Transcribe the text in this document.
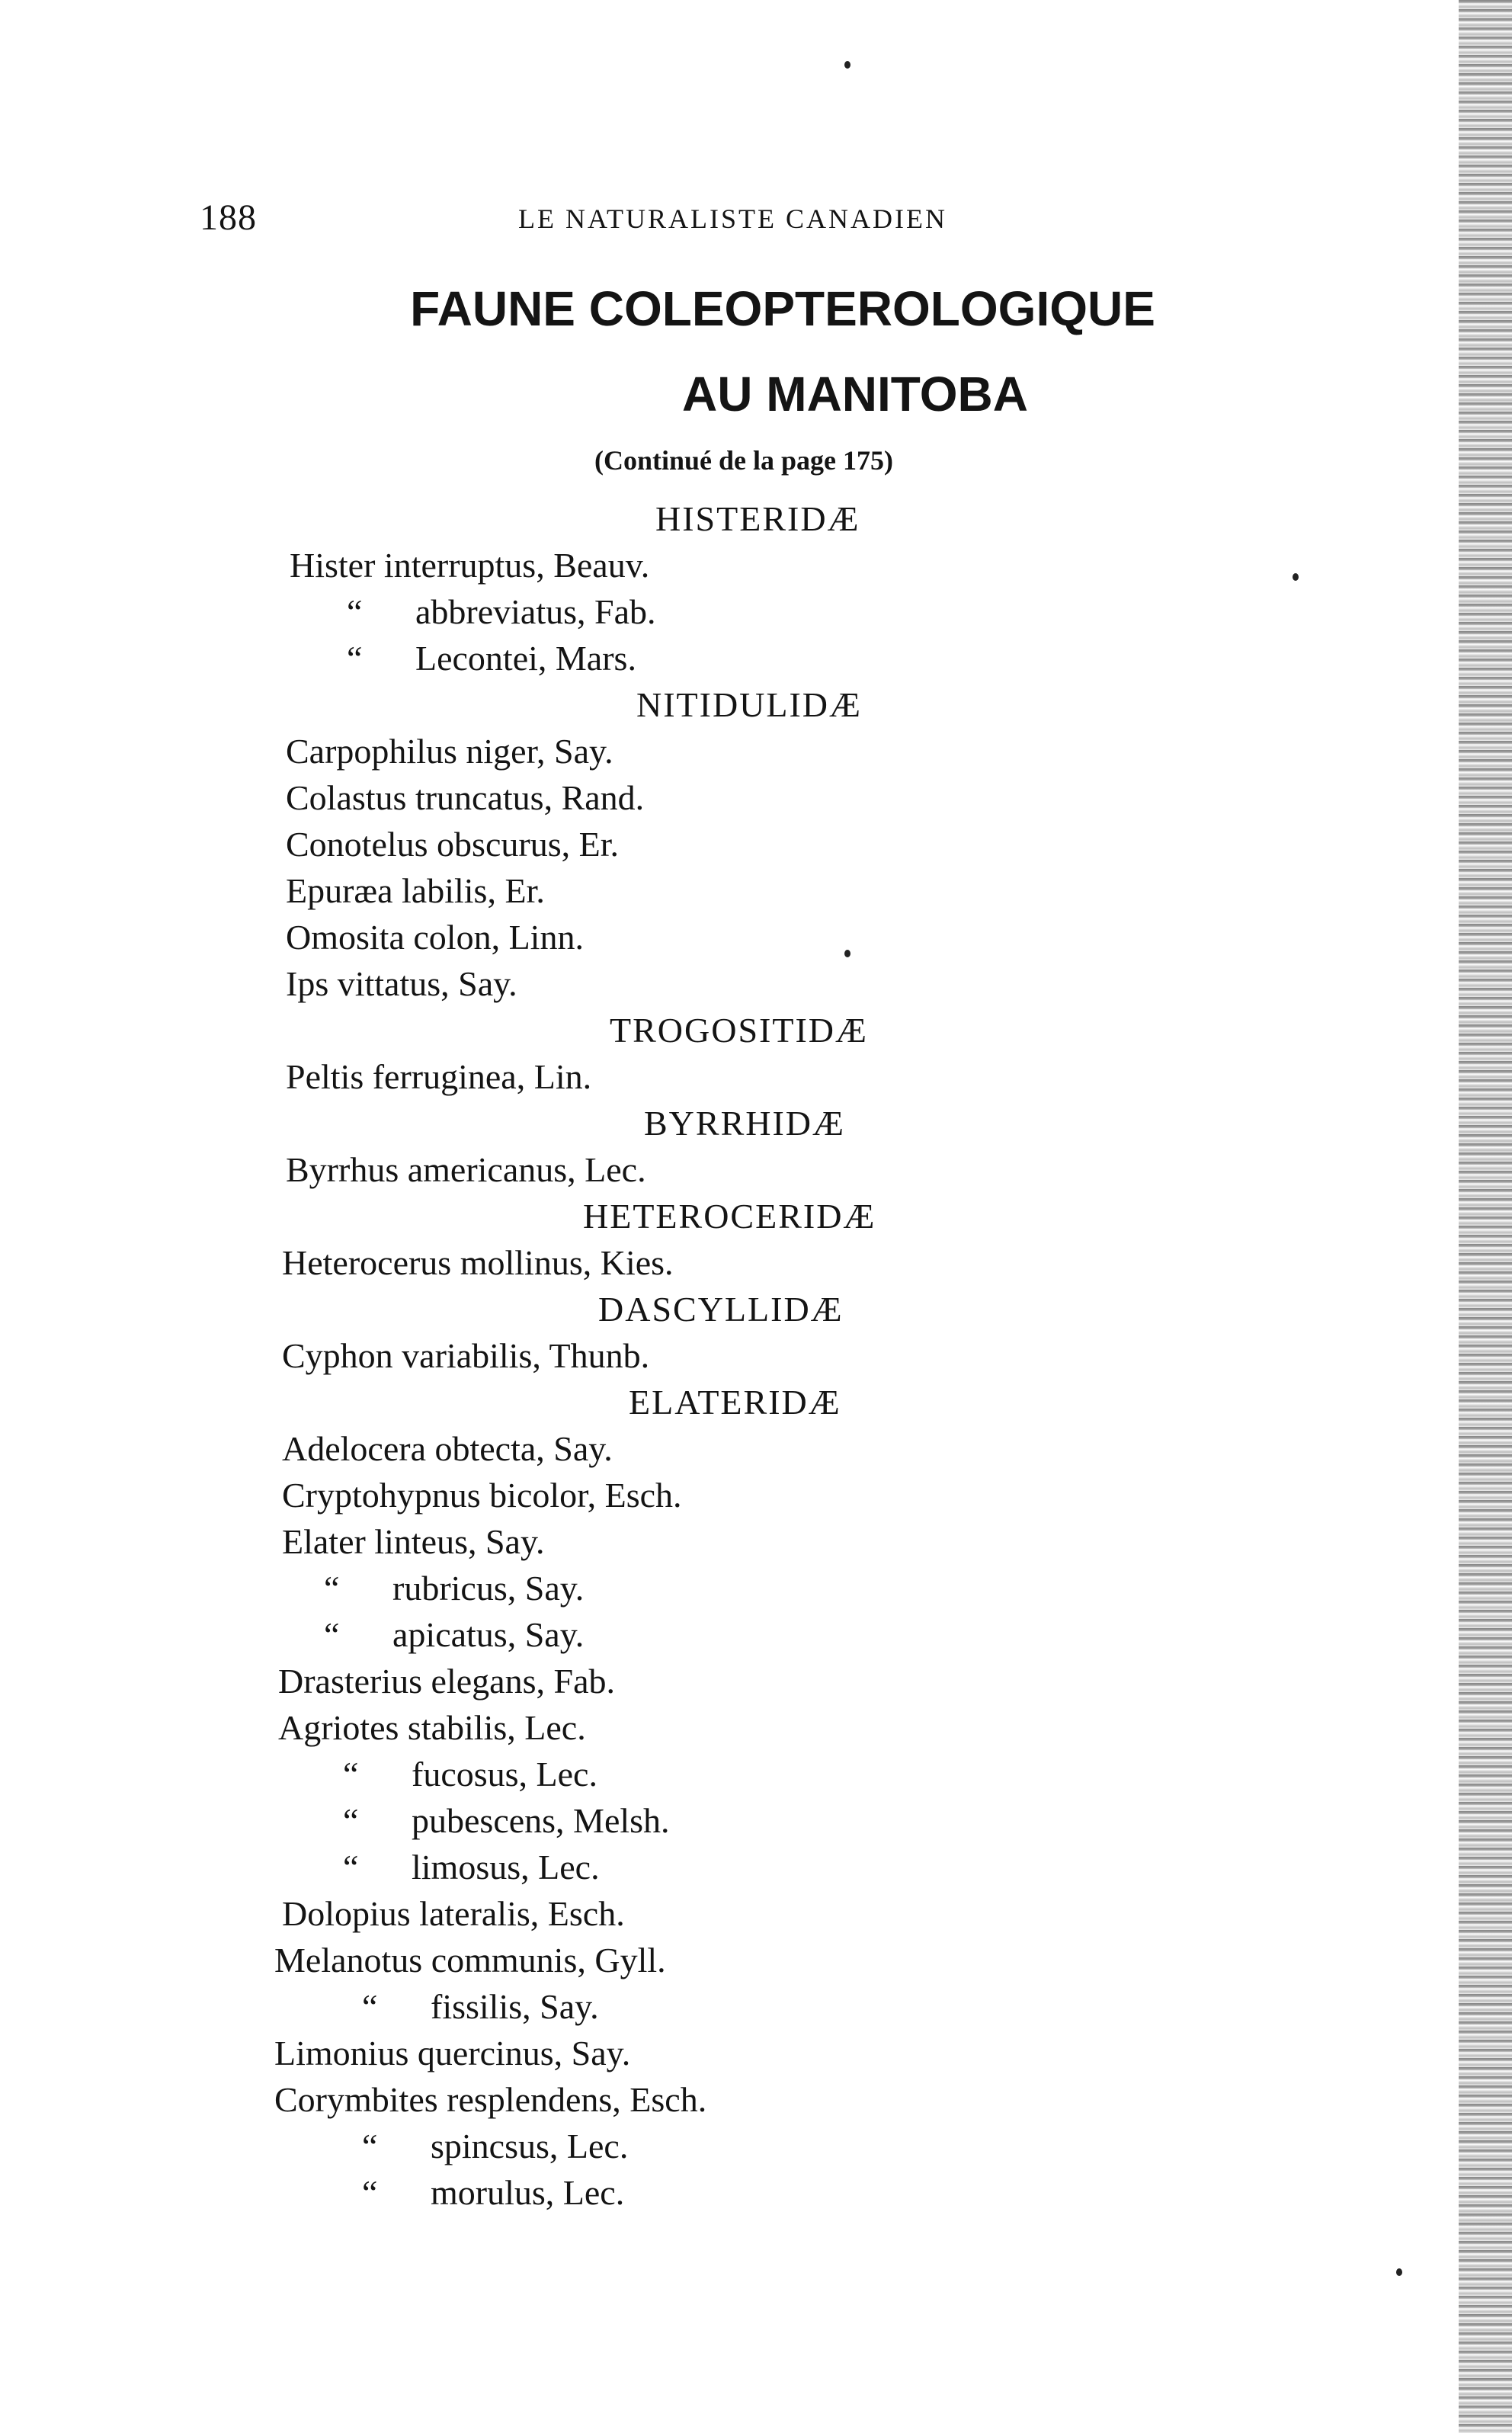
188	LE NATURALISTE CANADIEN
FAUNE COLEOPTEROLOGIQUE
AU MANITOBA
(Continué de la page 175)
HISTERIDÆ
Hister interruptus, Beauv.
“ abbreviatus, Fab.
“ Lecontei, Mars.
NITIDULIDÆ
Carpophilus niger, Say.
Colastus truncatus, Rand.
Conotelus obscurus, Er.
Epuræa labilis, Er.
Omosita colon, Linn.
Ips vittatus, Say.
TROGOSITIDÆ
Peltis ferruginea, Lin.
BYRRHIDÆ
Byrrhus americanus, Lec.
HETEROCERIDÆ
Heterocerus mollinus, Kies.
DASCYLLIDÆ
Cyphon variabilis, Thunb.
ELATERIDÆ
Adelocera obtecta, Say.
Cryptohypnus bicolor, Esch.
Elater linteus, Say.
“ rubricus, Say.
“ apicatus, Say.
Drasterius elegans, Fab.
Agriotes stabilis, Lec.
“ fucosus, Lec.
“ pubescens, Melsh.
“ limosus, Lec.
Dolopius lateralis, Esch.
Melanotus communis, Gyll.
“ fissilis, Say.
Limonius quercinus, Say.
Corymbites resplendens, Esch.
“ spincsus, Lec.
“ morulus, Lec.
